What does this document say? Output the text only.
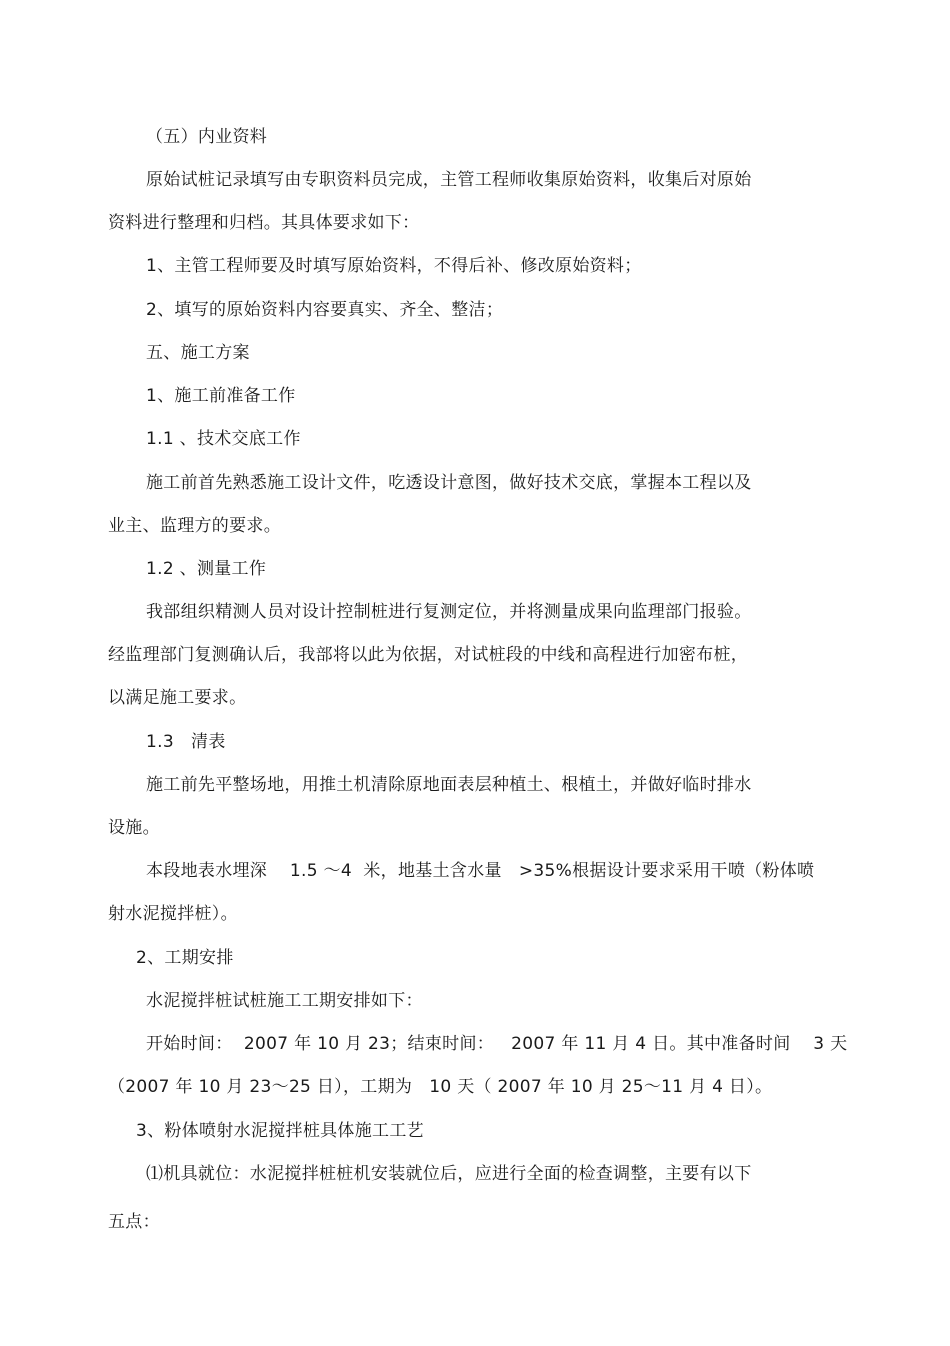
（五）内业资料
原始试桩记录填写由专职资料员完成，主管工程师收集原始资料，收集后对原始
资料进行整理和归档。其具体要求如下：
1、主管工程师要及时填写原始资料，不得后补、修改原始资料；
2、填写的原始资料内容要真实、齐全、整洁；
五、施工方案
1、施工前准备工作
1.1 、技术交底工作
施工前首先熟悉施工设计文件，吃透设计意图，做好技术交底，掌握本工程以及
业主、监理方的要求。
1.2 、测量工作
我部组织精测人员对设计控制桩进行复测定位，并将测量成果向监理部门报验。
经监理部门复测确认后，我部将以此为依据，对试桩段的中线和高程进行加密布桩，
以满足施工要求。
1.3   清表
施工前先平整场地，用推土机清除原地面表层种植土、根植土，并做好临时排水
设施。
本段地表水埋深    1.5 ～4  米，地基土含水量   >35%根据设计要求采用干喷（粉体喷
射水泥搅拌桩）。
2、工期安排
水泥搅拌桩试桩施工工期安排如下：
开始时间：  2007 年 10 月 23；结束时间：   2007 年 11 月 4 日。其中准备时间    3 天
（2007 年 10 月 23～25 日），工期为   10 天（ 2007 年 10 月 25～11 月 4 日）。
3、粉体喷射水泥搅拌桩具体施工工艺
⑴机具就位：水泥搅拌桩桩机安装就位后，应进行全面的检查调整，主要有以下
五点：
